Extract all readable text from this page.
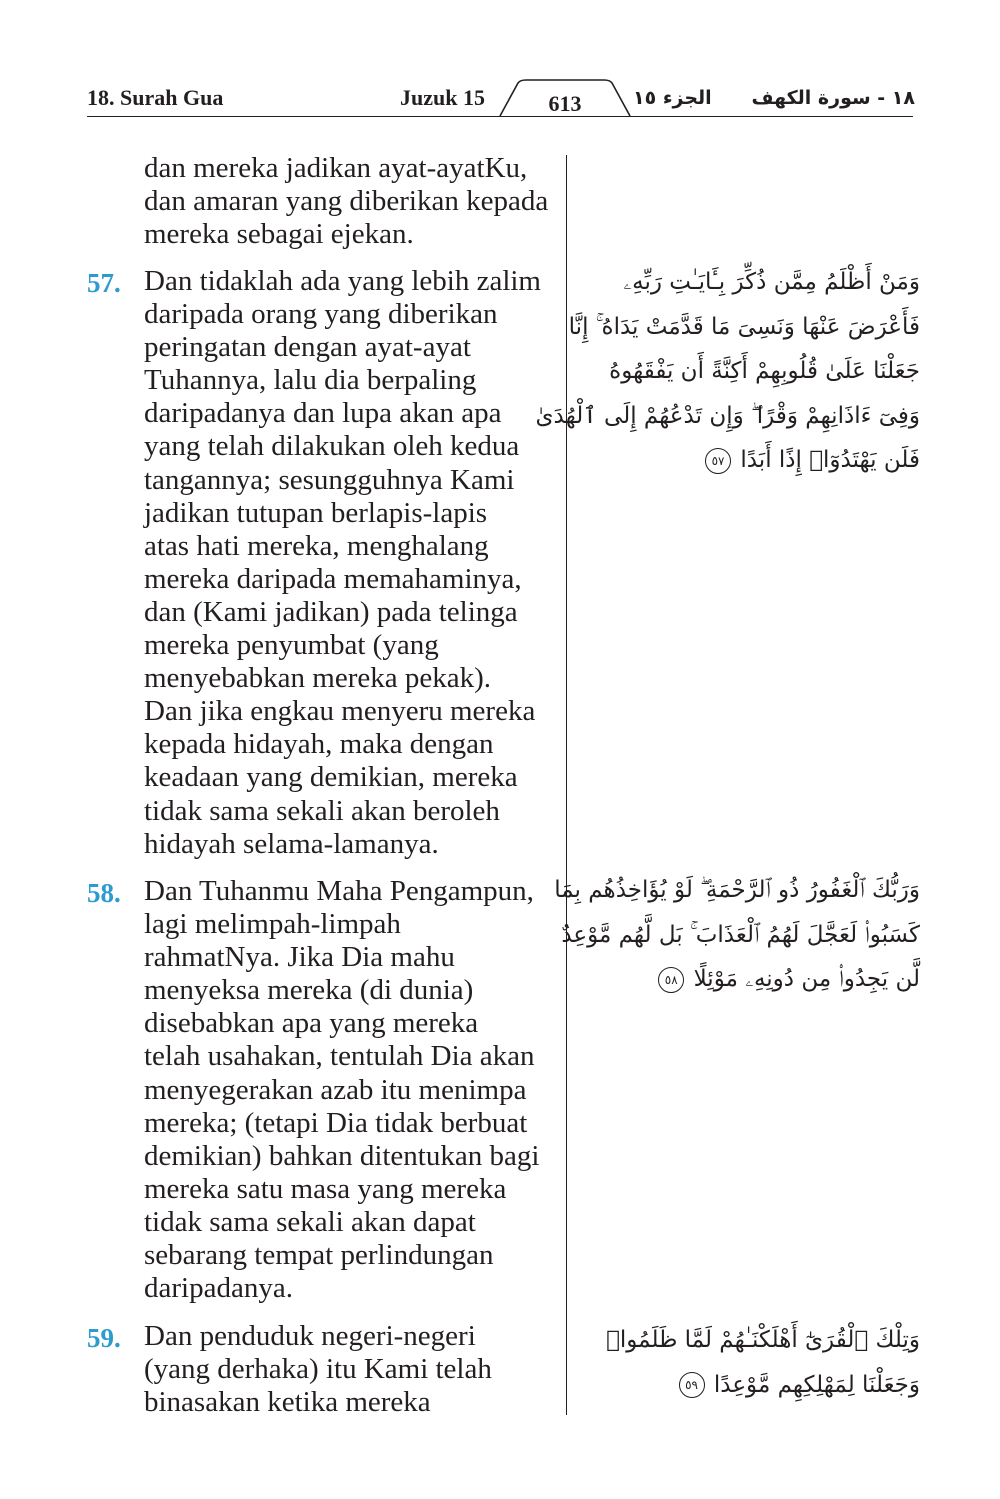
18. Surah Gua	Juzuk 15	613	الجزء ١٥ ١٨ - سورة الكهف
dan mereka jadikan ayat-ayatKu,
dan amaran yang diberikan kepada
mereka sebagai ejekan.
57. Dan tidaklah ada yang lebih zalim
daripada orang yang diberikan
peringatan dengan ayat-ayat
Tuhannya, lalu dia berpaling
daripadanya dan lupa akan apa
yang telah dilakukan oleh kedua
tangannya; sesungguhnya Kami
jadikan tutupan berlapis-lapis
atas hati mereka, menghalang
mereka daripada memahaminya,
dan (Kami jadikan) pada telinga
mereka penyumbat (yang
menyebabkan mereka pekak).
Dan jika engkau menyeru mereka
kepada hidayah, maka dengan
keadaan yang demikian, mereka
tidak sama sekali akan beroleh
hidayah selama-lamanya.
58. Dan Tuhanmu Maha Pengampun,
lagi melimpah-limpah
rahmatNya. Jika Dia mahu
menyeksa mereka (di dunia)
disebabkan apa yang mereka
telah usahakan, tentulah Dia akan
menyegerakan azab itu menimpa
mereka; (tetapi Dia tidak berbuat
demikian) bahkan ditentukan bagi
mereka satu masa yang mereka
tidak sama sekali akan dapat
sebarang tempat perlindungan
daripadanya.
59. Dan penduduk negeri-negeri
(yang derhaka) itu Kami telah
binasakan ketika mereka
وَمَنْ أَظْلَمُ مِمَّن ذُكِّرَ بِـَٔايَـٰتِ رَبِّهِۦ
فَأَعْرَضَ عَنْهَا وَنَسِىَ مَا قَدَّمَتْ يَدَاهُ ۚ إِنَّا
جَعَلْنَا عَلَىٰ قُلُوبِهِمْ أَكِنَّةً أَن يَفْقَهُوهُ
وَفِىٓ ءَاذَانِهِمْ وَقْرًا ۖ وَإِن تَدْعُهُمْ إِلَى ٱلْهُدَىٰ
فَلَن يَهْتَدُوٓا۟ إِذًا أَبَدًا ٥٧
وَرَبُّكَ ٱلْغَفُورُ ذُو ٱلرَّحْمَةِ ۖ لَوْ يُؤَاخِذُهُم بِمَا
كَسَبُوا۟ لَعَجَّلَ لَهُمُ ٱلْعَذَابَ ۚ بَل لَّهُم مَّوْعِدٌ
لَّن يَجِدُوا۟ مِن دُونِهِۦ مَوْئِلًا ٥٨
وَتِلْكَ ٱلْقُرَىٰٓ أَهْلَكْنَـٰهُمْ لَمَّا ظَلَمُوا۟
وَجَعَلْنَا لِمَهْلِكِهِم مَّوْعِدًا ٥٩
